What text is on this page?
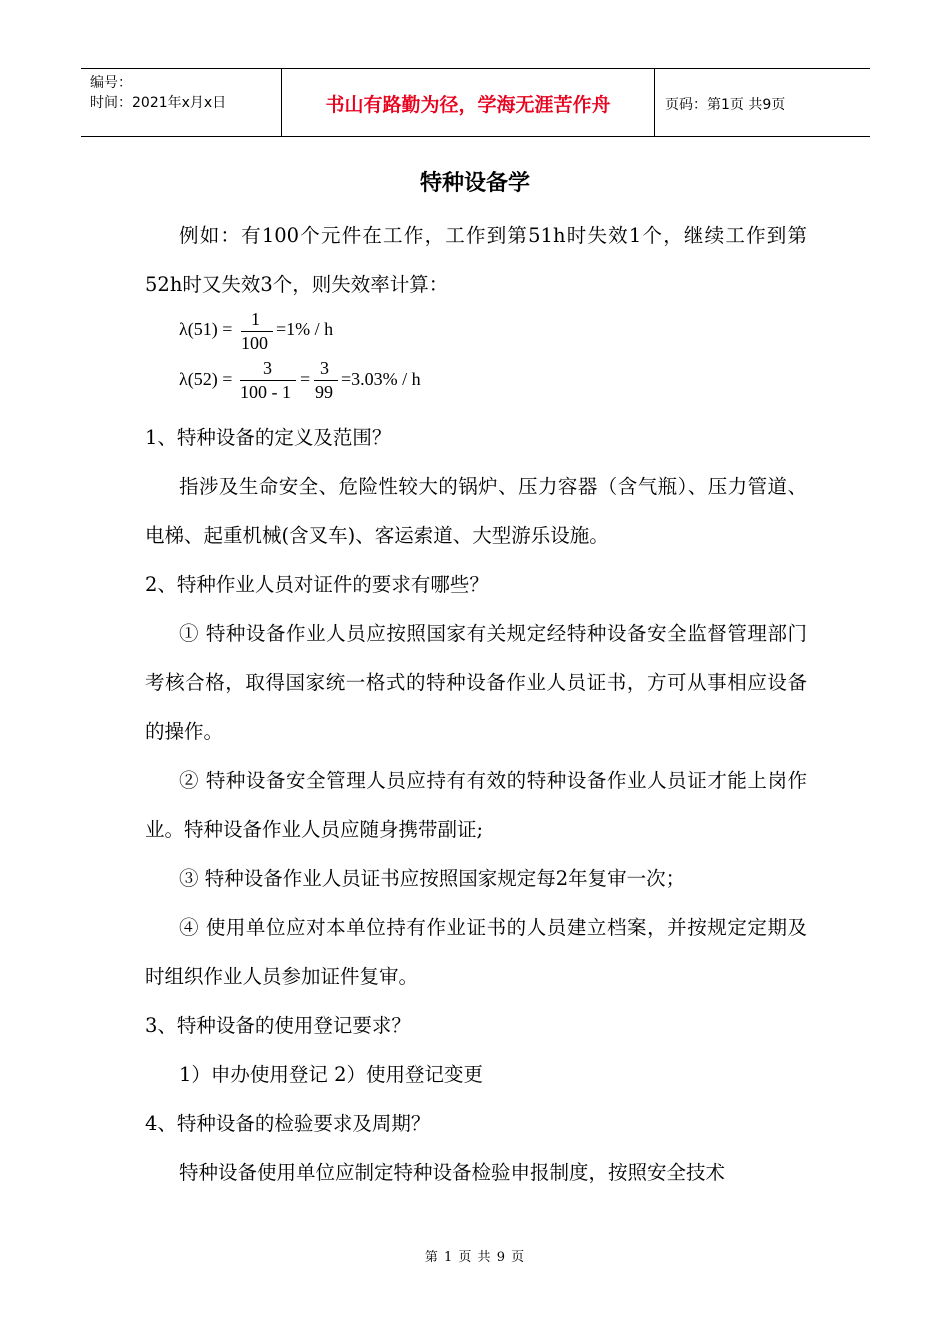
编号：
时间：2021年x月x日	书山有路勤为径，学海无涯苦作舟	页码：第1页 共9页
特种设备学

例如：有100个元件在工作，工作到第51h时失效1个，继续工作到第52h时又失效3个，则失效率计算：

λ(51) = 1
100
=1% / h
λ(52) =
3
100 - 1
=
3
99
=3.03% / h

1、特种设备的定义及范围？

指涉及生命安全、危险性较大的锅炉、压力容器（含气瓶）、压力管道、电梯、起重机械(含叉车)、客运索道、大型游乐设施。

2、特种作业人员对证件的要求有哪些？

① 特种设备作业人员应按照国家有关规定经特种设备安全监督管理部门考核合格，取得国家统一格式的特种设备作业人员证书，方可从事相应设备的操作。

② 特种设备安全管理人员应持有有效的特种设备作业人员证才能上岗作业。特种设备作业人员应随身携带副证;

③ 特种设备作业人员证书应按照国家规定每2年复审一次；

④ 使用单位应对本单位持有作业证书的人员建立档案，并按规定定期及时组织作业人员参加证件复审。

3、特种设备的使用登记要求？

1）申办使用登记 2）使用登记变更

4、特种设备的检验要求及周期？

特种设备使用单位应制定特种设备检验申报制度，按照安全技术

第 1 页 共 9 页
